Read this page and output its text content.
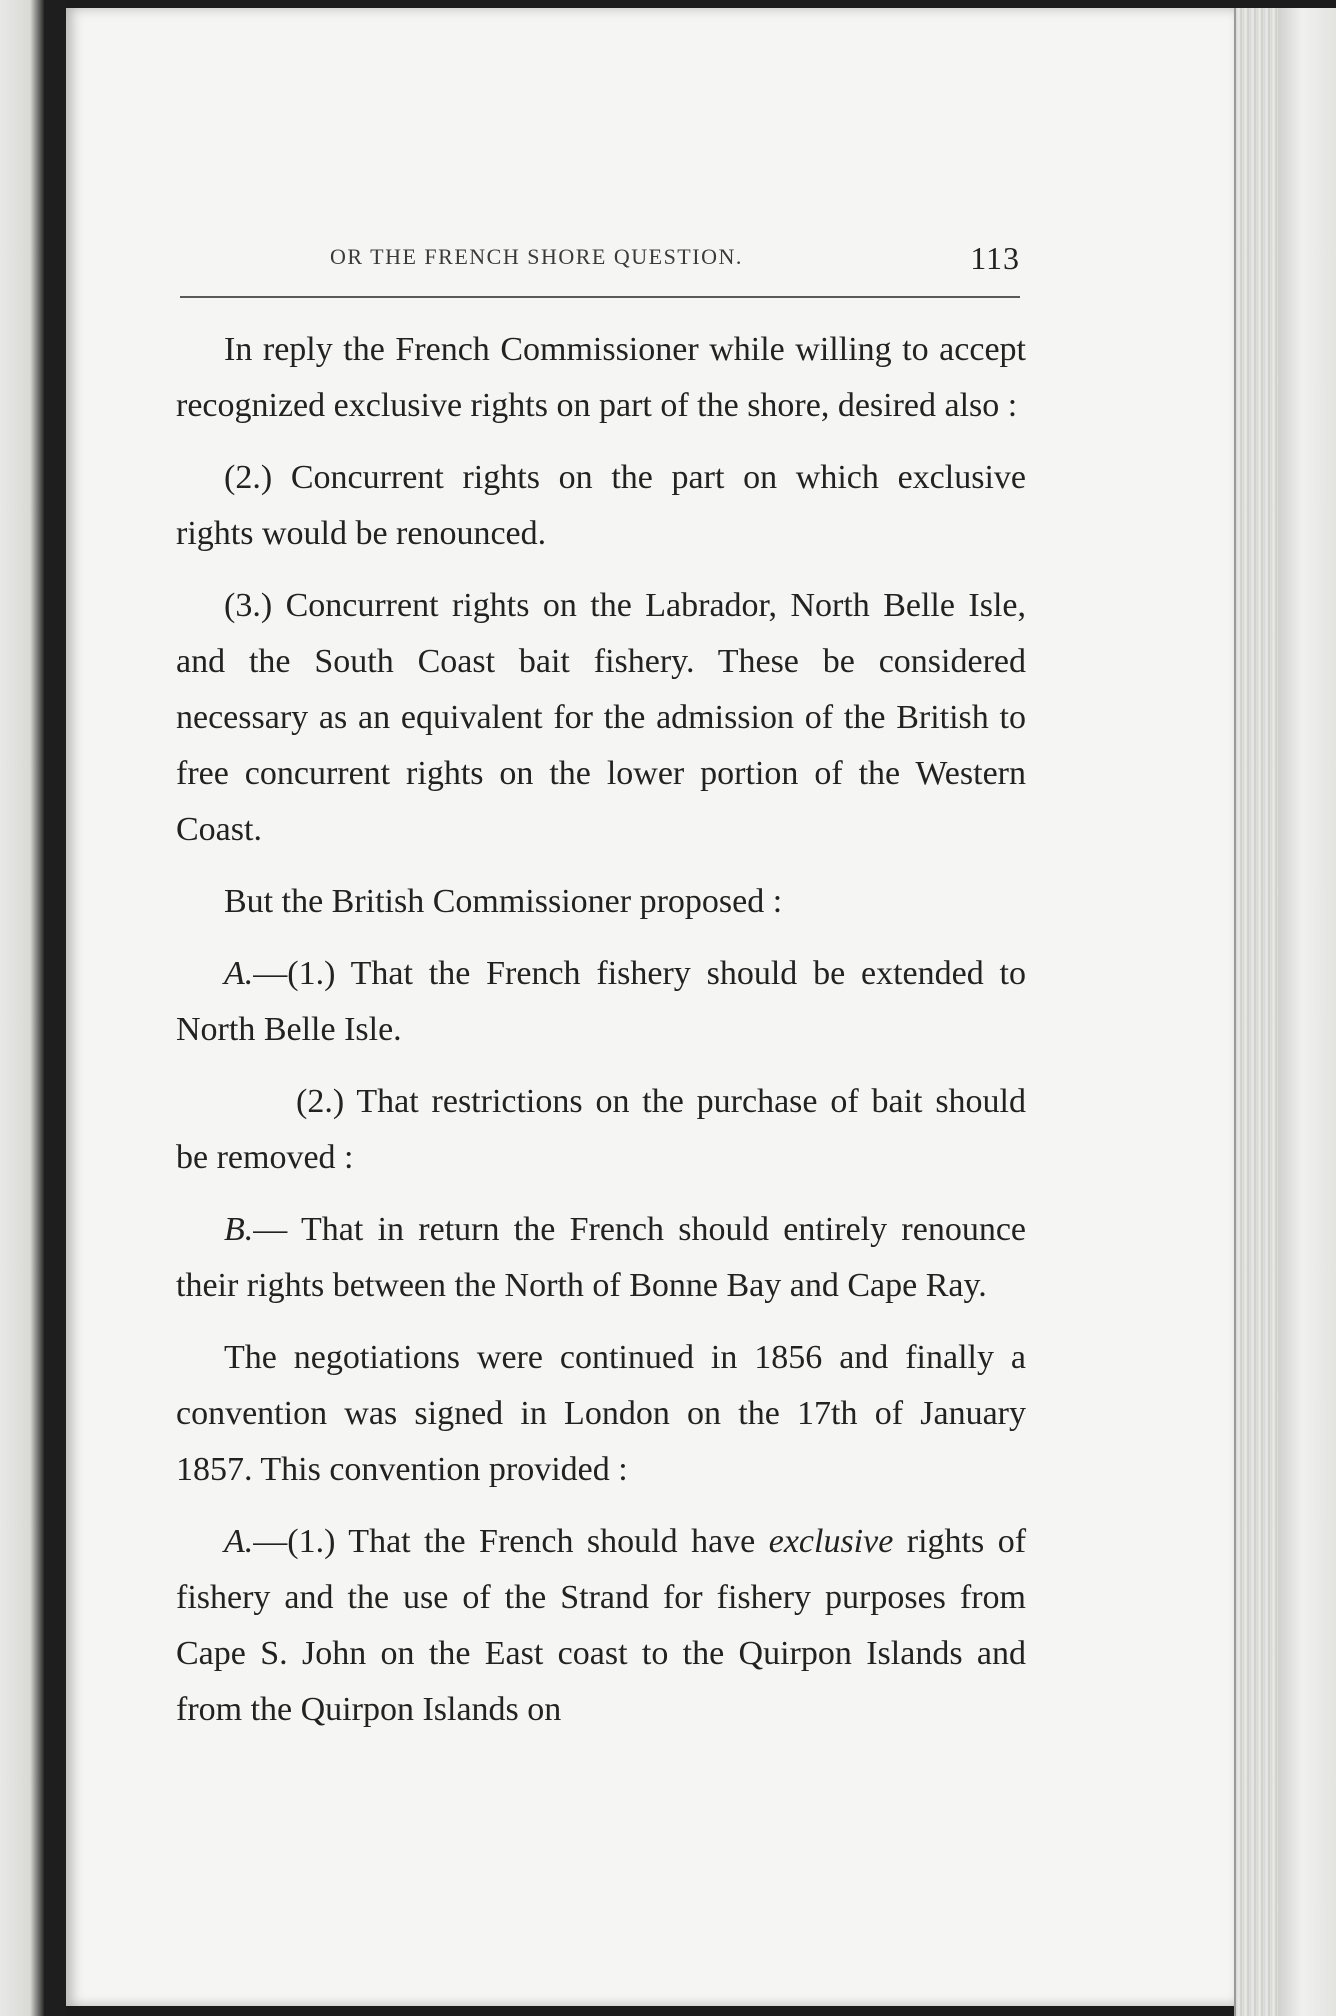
OR THE FRENCH SHORE QUESTION.	113

In reply the French Commissioner while willing to accept recognized exclusive rights on part of the shore, desired also :

(2.) Concurrent rights on the part on which exclusive rights would be renounced.

(3.) Concurrent rights on the Labrador, North Belle Isle, and the South Coast bait fishery. These be considered necessary as an equivalent for the admission of the British to free concurrent rights on the lower portion of the Western Coast.

But the British Commissioner proposed :

A.—(1.) That the French fishery should be extended to North Belle Isle.

(2.) That restrictions on the purchase of bait should be removed :

B.— That in return the French should entirely renounce their rights between the North of Bonne Bay and Cape Ray.

The negotiations were continued in 1856 and finally a convention was signed in London on the 17th of January 1857. This convention provided :

A.—(1.) That the French should have exclusive rights of fishery and the use of the Strand for fishery purposes from Cape S. John on the East coast to the Quirpon Islands and from the Quirpon Islands on
